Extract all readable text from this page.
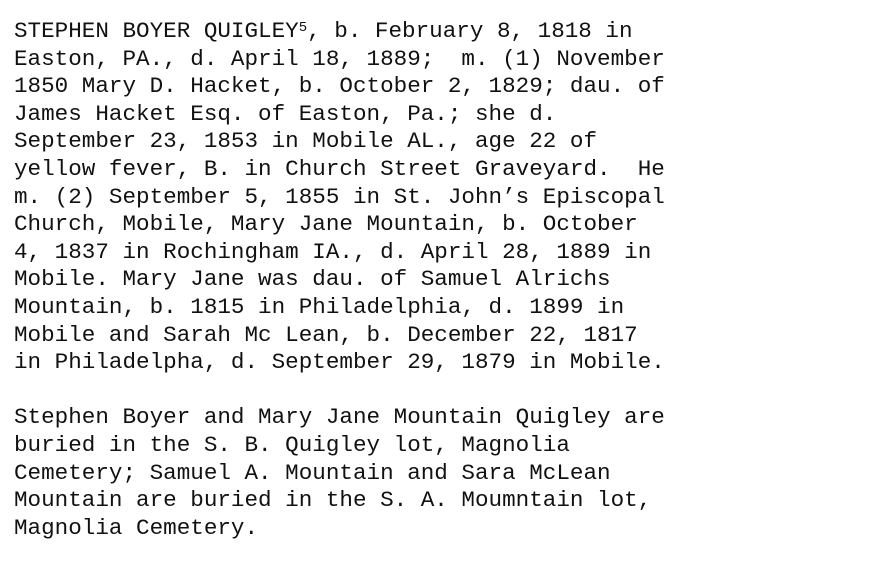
STEPHEN BOYER QUIGLEY$^5$, b. February 8, 1818 in
Easton, PA., d. April 18, 1889;  m. (1) November
1850 Mary D. Hacket, b. October 2, 1829; dau. of
James Hacket Esq. of Easton, Pa.; she d.
September 23, 1853 in Mobile AL., age 22 of
yellow fever, B. in Church Street Graveyard.  He
m. (2) September 5, 1855 in St. John’s Episcopal
Church, Mobile, Mary Jane Mountain, b. October
4, 1837 in Rochingham IA., d. April 28, 1889 in
Mobile. Mary Jane was dau. of Samuel Alrichs
Mountain, b. 1815 in Philadelphia, d. 1899 in
Mobile and Sarah Mc Lean, b. December 22, 1817
in Philadelpha, d. September 29, 1879 in Mobile.
Stephen Boyer and Mary Jane Mountain Quigley are
buried in the S. B. Quigley lot, Magnolia
Cemetery; Samuel A. Mountain and Sara McLean
Mountain are buried in the S. A. Moumntain lot,
Magnolia Cemetery.
